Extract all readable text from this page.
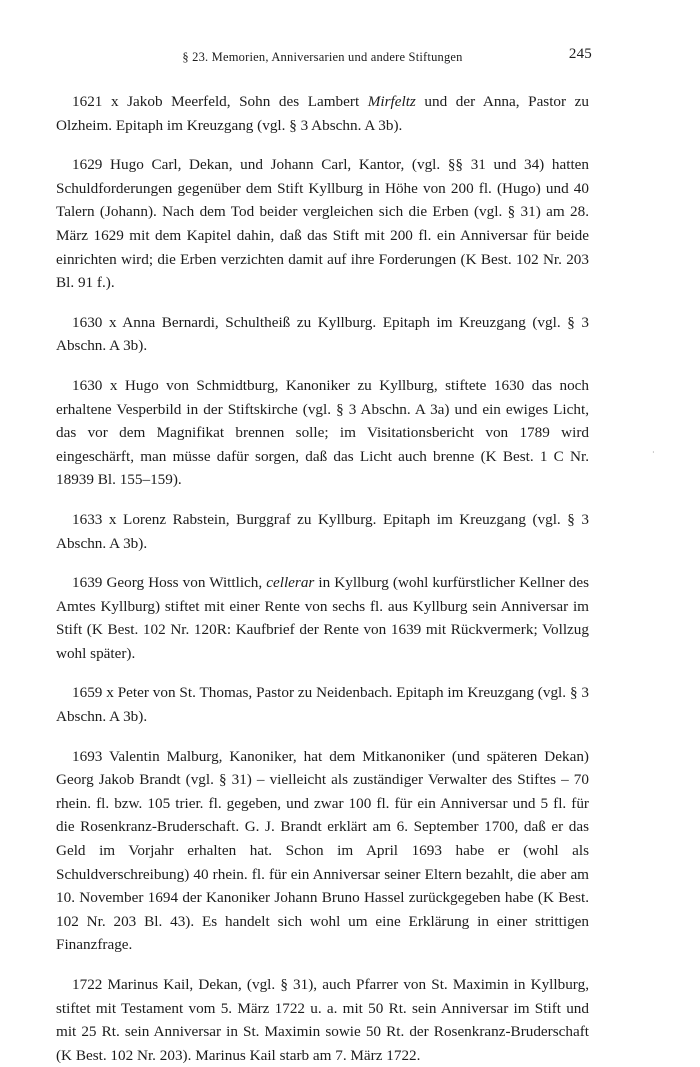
§ 23. Memorien, Anniversarien und andere Stiftungen	245

1621 x Jakob Meerfeld, Sohn des Lambert Mirfeltz und der Anna, Pastor zu Olzheim. Epitaph im Kreuzgang (vgl. § 3 Abschn. A 3b).

1629 Hugo Carl, Dekan, und Johann Carl, Kantor, (vgl. §§ 31 und 34) hatten Schuldforderungen gegenüber dem Stift Kyllburg in Höhe von 200 fl. (Hugo) und 40 Talern (Johann). Nach dem Tod beider vergleichen sich die Erben (vgl. § 31) am 28. März 1629 mit dem Kapitel dahin, daß das Stift mit 200 fl. ein Anniversar für beide einrichten wird; die Erben verzichten damit auf ihre Forderungen (K Best. 102 Nr. 203 Bl. 91 f.).

1630 x Anna Bernardi, Schultheiß zu Kyllburg. Epitaph im Kreuzgang (vgl. § 3 Abschn. A 3b).

1630 x Hugo von Schmidtburg, Kanoniker zu Kyllburg, stiftete 1630 das noch erhaltene Vesperbild in der Stiftskirche (vgl. § 3 Abschn. A 3a) und ein ewiges Licht, das vor dem Magnifikat brennen solle; im Visitationsbericht von 1789 wird eingeschärft, man müsse dafür sorgen, daß das Licht auch brenne (K Best. 1 C Nr. 18939 Bl. 155–159).

1633 x Lorenz Rabstein, Burggraf zu Kyllburg. Epitaph im Kreuzgang (vgl. § 3 Abschn. A 3b).

1639 Georg Hoss von Wittlich, cellerar in Kyllburg (wohl kurfürstlicher Kellner des Amtes Kyllburg) stiftet mit einer Rente von sechs fl. aus Kyllburg sein Anniversar im Stift (K Best. 102 Nr. 120R: Kaufbrief der Rente von 1639 mit Rückvermerk; Vollzug wohl später).

1659 x Peter von St. Thomas, Pastor zu Neidenbach. Epitaph im Kreuzgang (vgl. § 3 Abschn. A 3b).

1693 Valentin Malburg, Kanoniker, hat dem Mitkanoniker (und späteren Dekan) Georg Jakob Brandt (vgl. § 31) – vielleicht als zuständiger Verwalter des Stiftes – 70 rhein. fl. bzw. 105 trier. fl. gegeben, und zwar 100 fl. für ein Anniversar und 5 fl. für die Rosenkranz-Bruderschaft. G. J. Brandt erklärt am 6. September 1700, daß er das Geld im Vorjahr erhalten hat. Schon im April 1693 habe er (wohl als Schuldverschreibung) 40 rhein. fl. für ein Anniversar seiner Eltern bezahlt, die aber am 10. November 1694 der Kanoniker Johann Bruno Hassel zurückgegeben habe (K Best. 102 Nr. 203 Bl. 43). Es handelt sich wohl um eine Erklärung in einer strittigen Finanzfrage.

1722 Marinus Kail, Dekan, (vgl. § 31), auch Pfarrer von St. Maximin in Kyllburg, stiftet mit Testament vom 5. März 1722 u. a. mit 50 Rt. sein Anniversar im Stift und mit 25 Rt. sein Anniversar in St. Maximin sowie 50 Rt. der Rosenkranz-Bruderschaft (K Best. 102 Nr. 203). Marinus Kail starb am 7. März 1722.

·
